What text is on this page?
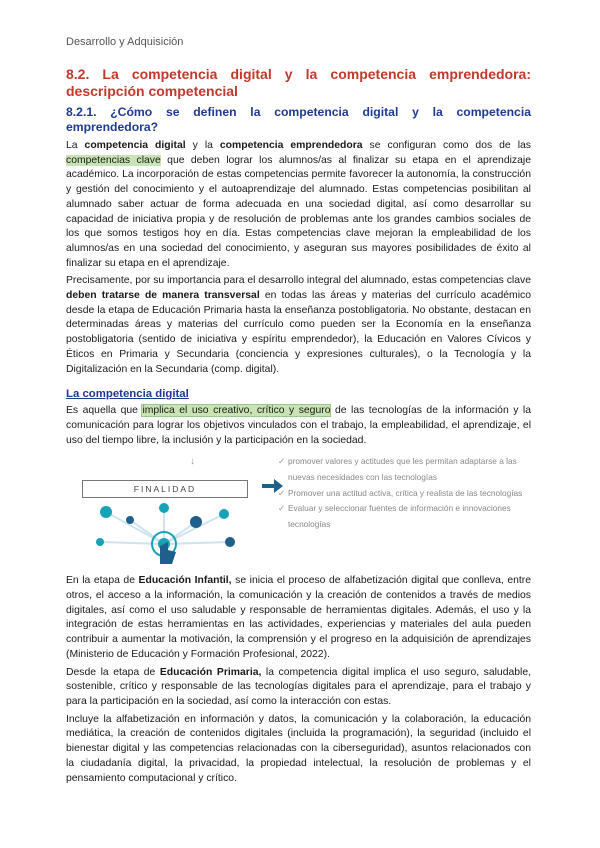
Desarrollo y Adquisición
8.2. La competencia digital y la competencia emprendedora: descripción competencial
8.2.1. ¿Cómo se definen la competencia digital y la competencia emprendedora?

La competencia digital y la competencia emprendedora se configuran como dos de las competencias clave que deben lograr los alumnos/as al finalizar su etapa en el aprendizaje académico. La incorporación de estas competencias permite favorecer la autonomía, la construcción y gestión del conocimiento y el autoaprendizaje del alumnado. Estas competencias posibilitan al alumnado saber actuar de forma adecuada en una sociedad digital, así como desarrollar su capacidad de iniciativa propia y de resolución de problemas ante los grandes cambios sociales de los que somos testigos hoy en día. Estas competencias clave mejoran la empleabilidad de los alumnos/as en una sociedad del conocimiento, y aseguran sus mayores posibilidades de éxito al finalizar su etapa en el aprendizaje.

Precisamente, por su importancia para el desarrollo integral del alumnado, estas competencias clave deben tratarse de manera transversal en todas las áreas y materias del currículo académico desde la etapa de Educación Primaria hasta la enseñanza postobligatoria. No obstante, destacan en determinadas áreas y materias del currículo como pueden ser la Economía en la enseñanza postobligatoria (sentido de iniciativa y espíritu emprendedor), la Educación en Valores Cívicos y Éticos en Primaria y Secundaria (conciencia y expresiones culturales), o la Tecnología y la Digitalización en la Secundaria (comp. digital).

La competencia digital

Es aquella que implica el uso creativo, crítico y seguro de las tecnologías de la información y la comunicación para lograr los objetivos vinculados con el trabajo, la empleabilidad, el aprendizaje, el uso del tiempo libre, la inclusión y la participación en la sociedad.

↓
FINALIDAD
✓ promover valores y actitudes que les permitan adaptarse a las nuevas necesidades con las tecnologías
✓ Promover una actitud activa, crítica y realista de las tecnologías
✓ Evaluar y seleccionar fuentes de información e innovaciones tecnologías

En la etapa de Educación Infantil, se inicia el proceso de alfabetización digital que conlleva, entre otros, el acceso a la información, la comunicación y la creación de contenidos a través de medios digitales, así como el uso saludable y responsable de herramientas digitales. Además, el uso y la integración de estas herramientas en las actividades, experiencias y materiales del aula pueden contribuir a aumentar la motivación, la comprensión y el progreso en la adquisición de aprendizajes (Ministerio de Educación y Formación Profesional, 2022).

Desde la etapa de Educación Primaria, la competencia digital implica el uso seguro, saludable, sostenible, crítico y responsable de las tecnologías digitales para el aprendizaje, para el trabajo y para la participación en la sociedad, así como la interacción con estas.

Incluye la alfabetización en información y datos, la comunicación y la colaboración, la educación mediática, la creación de contenidos digitales (incluida la programación), la seguridad (incluido el bienestar digital y las competencias relacionadas con la ciberseguridad), asuntos relacionados con la ciudadanía digital, la privacidad, la propiedad intelectual, la resolución de problemas y el pensamiento computacional y crítico.
